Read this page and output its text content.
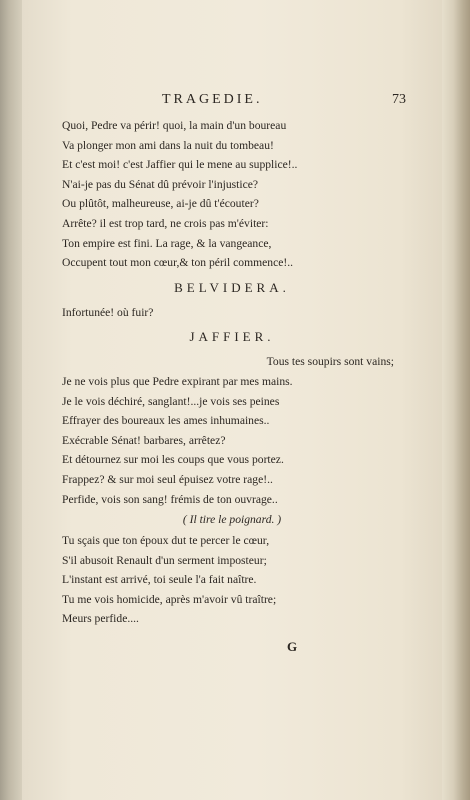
TRAGEDIE.	73
Quoi, Pedre va périr! quoi, la main d'un boureau
Va plonger mon ami dans la nuit du tombeau!
Et c'est moi! c'est Jaffier qui le mene au supplice!..
N'ai-je pas du Sénat dû prévoir l'injustice?
Ou plûtôt, malheureuse, ai-je dû t'écouter?
Arrête? il est trop tard, ne crois pas m'éviter:
Ton empire est fini. La rage, & la vangeance,
Occupent tout mon cœur,& ton péril commence!..
BELVIDERA.
Infortunée! où fuir?
JAFFIER.
Tous tes soupirs sont vains;
Je ne vois plus que Pedre expirant par mes mains.
Je le vois déchiré, sanglant!...je vois ses peines
Effrayer des boureaux les ames inhumaines..
Exécrable Sénat! barbares, arrêtez?
Et détournez sur moi les coups que vous portez.
Frappez? & sur moi seul épuisez votre rage!..
Perfide, vois son sang! frémis de ton ouvrage..
( Il tire le poignard. )
Tu sçais que ton époux dut te percer le cœur,
S'il abusoit Renault d'un serment imposteur;
L'instant est arrivé, toi seule l'a fait naître.
Tu me vois homicide, après m'avoir vû traître;
Meurs perfide....
G
